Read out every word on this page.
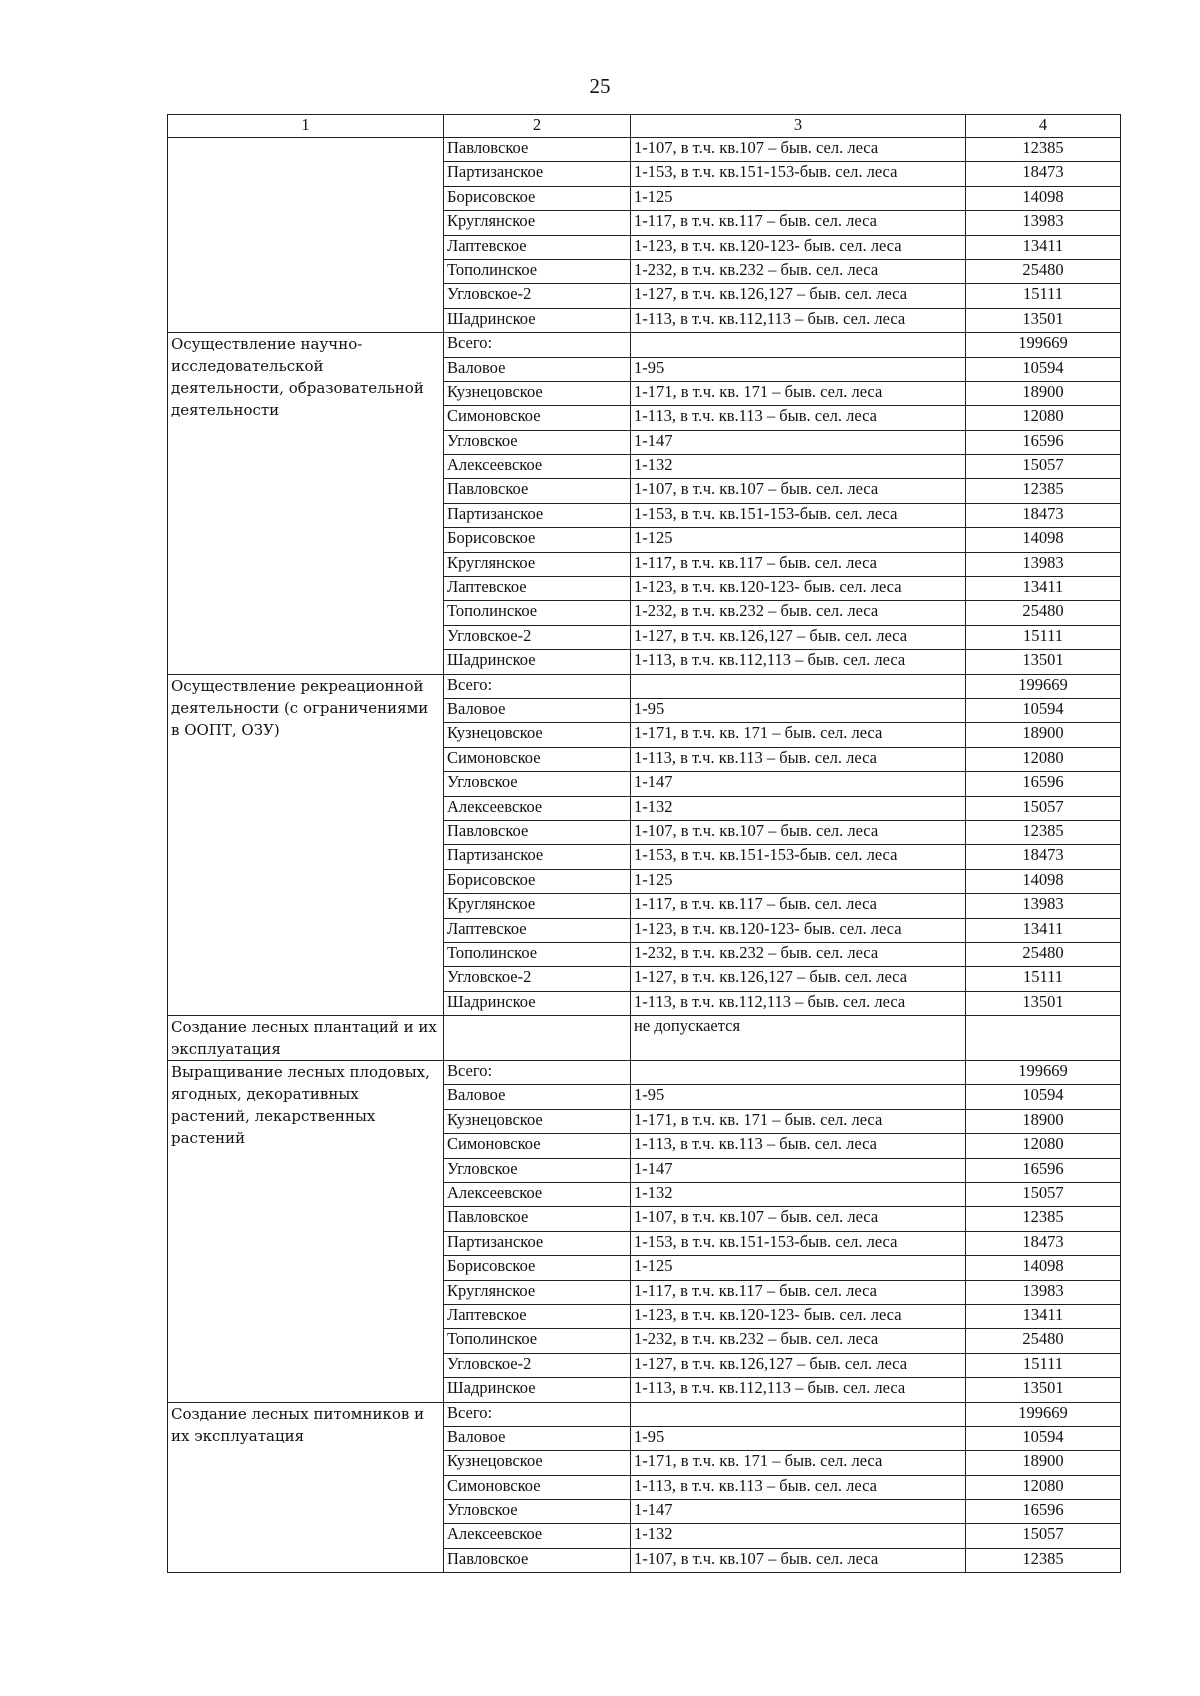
25
1	2	3	4
	Павловское	1-107, в т.ч. кв.107 – быв. сел. леса	12385
	Партизанское	1-153, в т.ч. кв.151-153-быв. сел. леса	18473
	Борисовское	1-125	14098
	Круглянское	1-117, в т.ч. кв.117 – быв. сел. леса	13983
	Лаптевское	1-123, в т.ч. кв.120-123- быв. сел. леса	13411
	Тополинское	1-232, в т.ч. кв.232 – быв. сел. леса	25480
	Угловское-2	1-127, в т.ч. кв.126,127 – быв. сел. леса	15111
	Шадринское	1-113, в т.ч. кв.112,113 – быв. сел. леса	13501
Осуществление научно-исследовательской деятельности, образовательной деятельности	Всего:		199669
	Валовое	1-95	10594
	Кузнецовское	1-171, в т.ч. кв. 171 – быв. сел. леса	18900
	Симоновское	1-113, в т.ч. кв.113 – быв. сел. леса	12080
	Угловское	1-147	16596
	Алексеевское	1-132	15057
	Павловское	1-107, в т.ч. кв.107 – быв. сел. леса	12385
	Партизанское	1-153, в т.ч. кв.151-153-быв. сел. леса	18473
	Борисовское	1-125	14098
	Круглянское	1-117, в т.ч. кв.117 – быв. сел. леса	13983
	Лаптевское	1-123, в т.ч. кв.120-123- быв. сел. леса	13411
	Тополинское	1-232, в т.ч. кв.232 – быв. сел. леса	25480
	Угловское-2	1-127, в т.ч. кв.126,127 – быв. сел. леса	15111
	Шадринское	1-113, в т.ч. кв.112,113 – быв. сел. леса	13501
Осуществление рекреационной деятельности (с ограничениями в ООПТ, ОЗУ)	Всего:		199669
	Валовое	1-95	10594
	Кузнецовское	1-171, в т.ч. кв. 171 – быв. сел. леса	18900
	Симоновское	1-113, в т.ч. кв.113 – быв. сел. леса	12080
	Угловское	1-147	16596
	Алексеевское	1-132	15057
	Павловское	1-107, в т.ч. кв.107 – быв. сел. леса	12385
	Партизанское	1-153, в т.ч. кв.151-153-быв. сел. леса	18473
	Борисовское	1-125	14098
	Круглянское	1-117, в т.ч. кв.117 – быв. сел. леса	13983
	Лаптевское	1-123, в т.ч. кв.120-123- быв. сел. леса	13411
	Тополинское	1-232, в т.ч. кв.232 – быв. сел. леса	25480
	Угловское-2	1-127, в т.ч. кв.126,127 – быв. сел. леса	15111
	Шадринское	1-113, в т.ч. кв.112,113 – быв. сел. леса	13501
Создание лесных плантаций и их эксплуатация		не допускается	
Выращивание лесных плодовых, ягодных, декоративных растений, лекарственных растений	Всего:		199669
	Валовое	1-95	10594
	Кузнецовское	1-171, в т.ч. кв. 171 – быв. сел. леса	18900
	Симоновское	1-113, в т.ч. кв.113 – быв. сел. леса	12080
	Угловское	1-147	16596
	Алексеевское	1-132	15057
	Павловское	1-107, в т.ч. кв.107 – быв. сел. леса	12385
	Партизанское	1-153, в т.ч. кв.151-153-быв. сел. леса	18473
	Борисовское	1-125	14098
	Круглянское	1-117, в т.ч. кв.117 – быв. сел. леса	13983
	Лаптевское	1-123, в т.ч. кв.120-123- быв. сел. леса	13411
	Тополинское	1-232, в т.ч. кв.232 – быв. сел. леса	25480
	Угловское-2	1-127, в т.ч. кв.126,127 – быв. сел. леса	15111
	Шадринское	1-113, в т.ч. кв.112,113 – быв. сел. леса	13501
Создание лесных питомников и их эксплуатация	Всего:		199669
	Валовое	1-95	10594
	Кузнецовское	1-171, в т.ч. кв. 171 – быв. сел. леса	18900
	Симоновское	1-113, в т.ч. кв.113 – быв. сел. леса	12080
	Угловское	1-147	16596
	Алексеевское	1-132	15057
	Павловское	1-107, в т.ч. кв.107 – быв. сел. леса	12385
